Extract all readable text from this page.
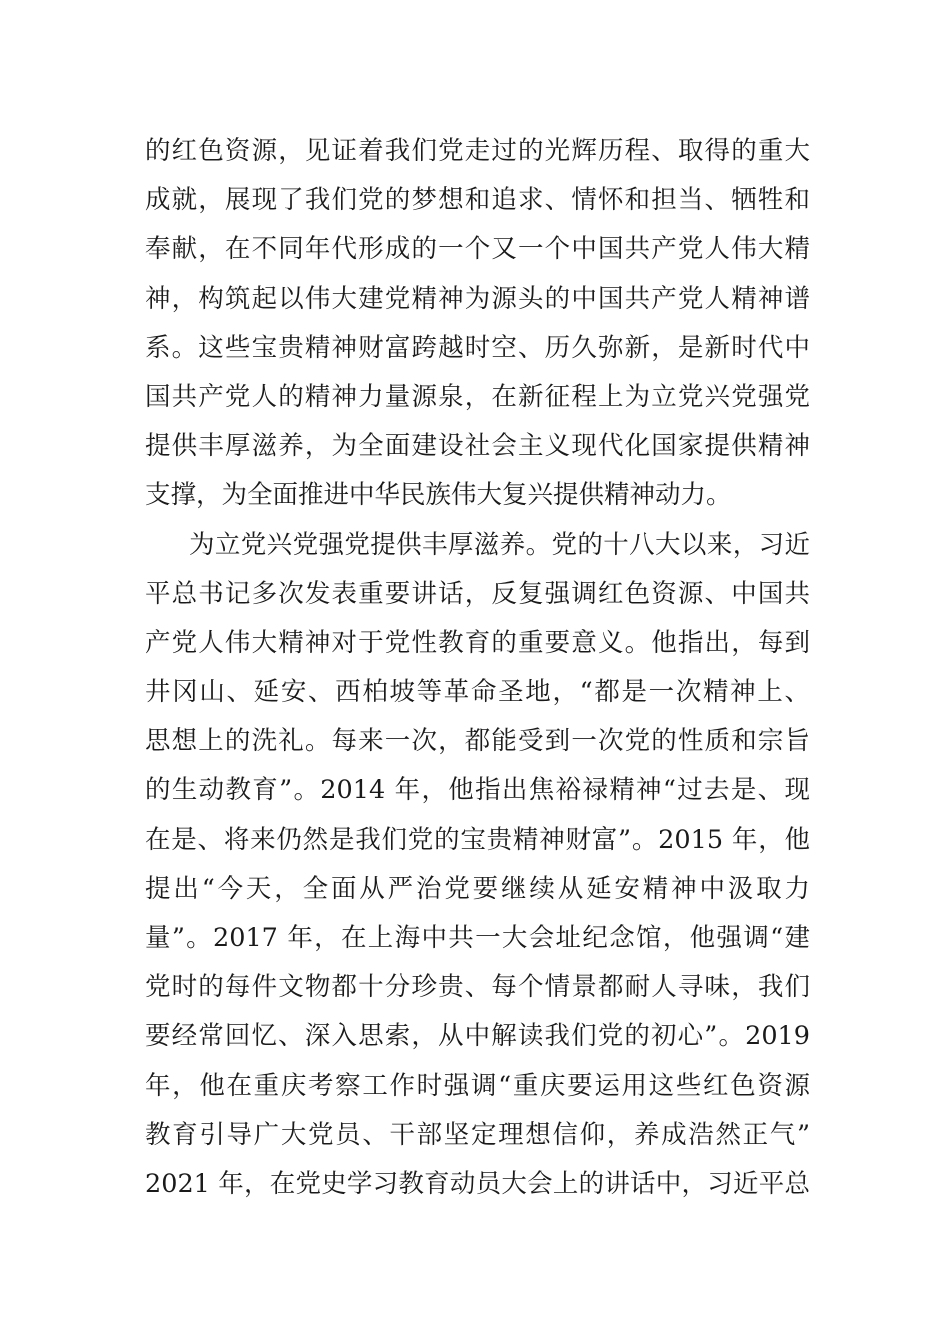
的红色资源，见证着我们党走过的光辉历程、取得的重大
成就，展现了我们党的梦想和追求、情怀和担当、牺牲和
奉献，在不同年代形成的一个又一个中国共产党人伟大精
神，构筑起以伟大建党精神为源头的中国共产党人精神谱
系。这些宝贵精神财富跨越时空、历久弥新，是新时代中
国共产党人的精神力量源泉，在新征程上为立党兴党强党
提供丰厚滋养，为全面建设社会主义现代化国家提供精神
支撑，为全面推进中华民族伟大复兴提供精神动力。
为立党兴党强党提供丰厚滋养。党的十八大以来，习近
平总书记多次发表重要讲话，反复强调红色资源、中国共
产党人伟大精神对于党性教育的重要意义。他指出，每到
井冈山、延安、西柏坡等革命圣地，“都是一次精神上、
思想上的洗礼。每来一次，都能受到一次党的性质和宗旨
的生动教育”。2014 年，他指出焦裕禄精神“过去是、现
在是、将来仍然是我们党的宝贵精神财富”。2015 年，他
提出“今天，全面从严治党要继续从延安精神中汲取力
量”。2017 年，在上海中共一大会址纪念馆，他强调“建
党时的每件文物都十分珍贵、每个情景都耐人寻味，我们
要经常回忆、深入思索，从中解读我们党的初心”。2019
年，他在重庆考察工作时强调“重庆要运用这些红色资源
教育引导广大党员、干部坚定理想信仰，养成浩然正气”
2021 年，在党史学习教育动员大会上的讲话中，习近平总
